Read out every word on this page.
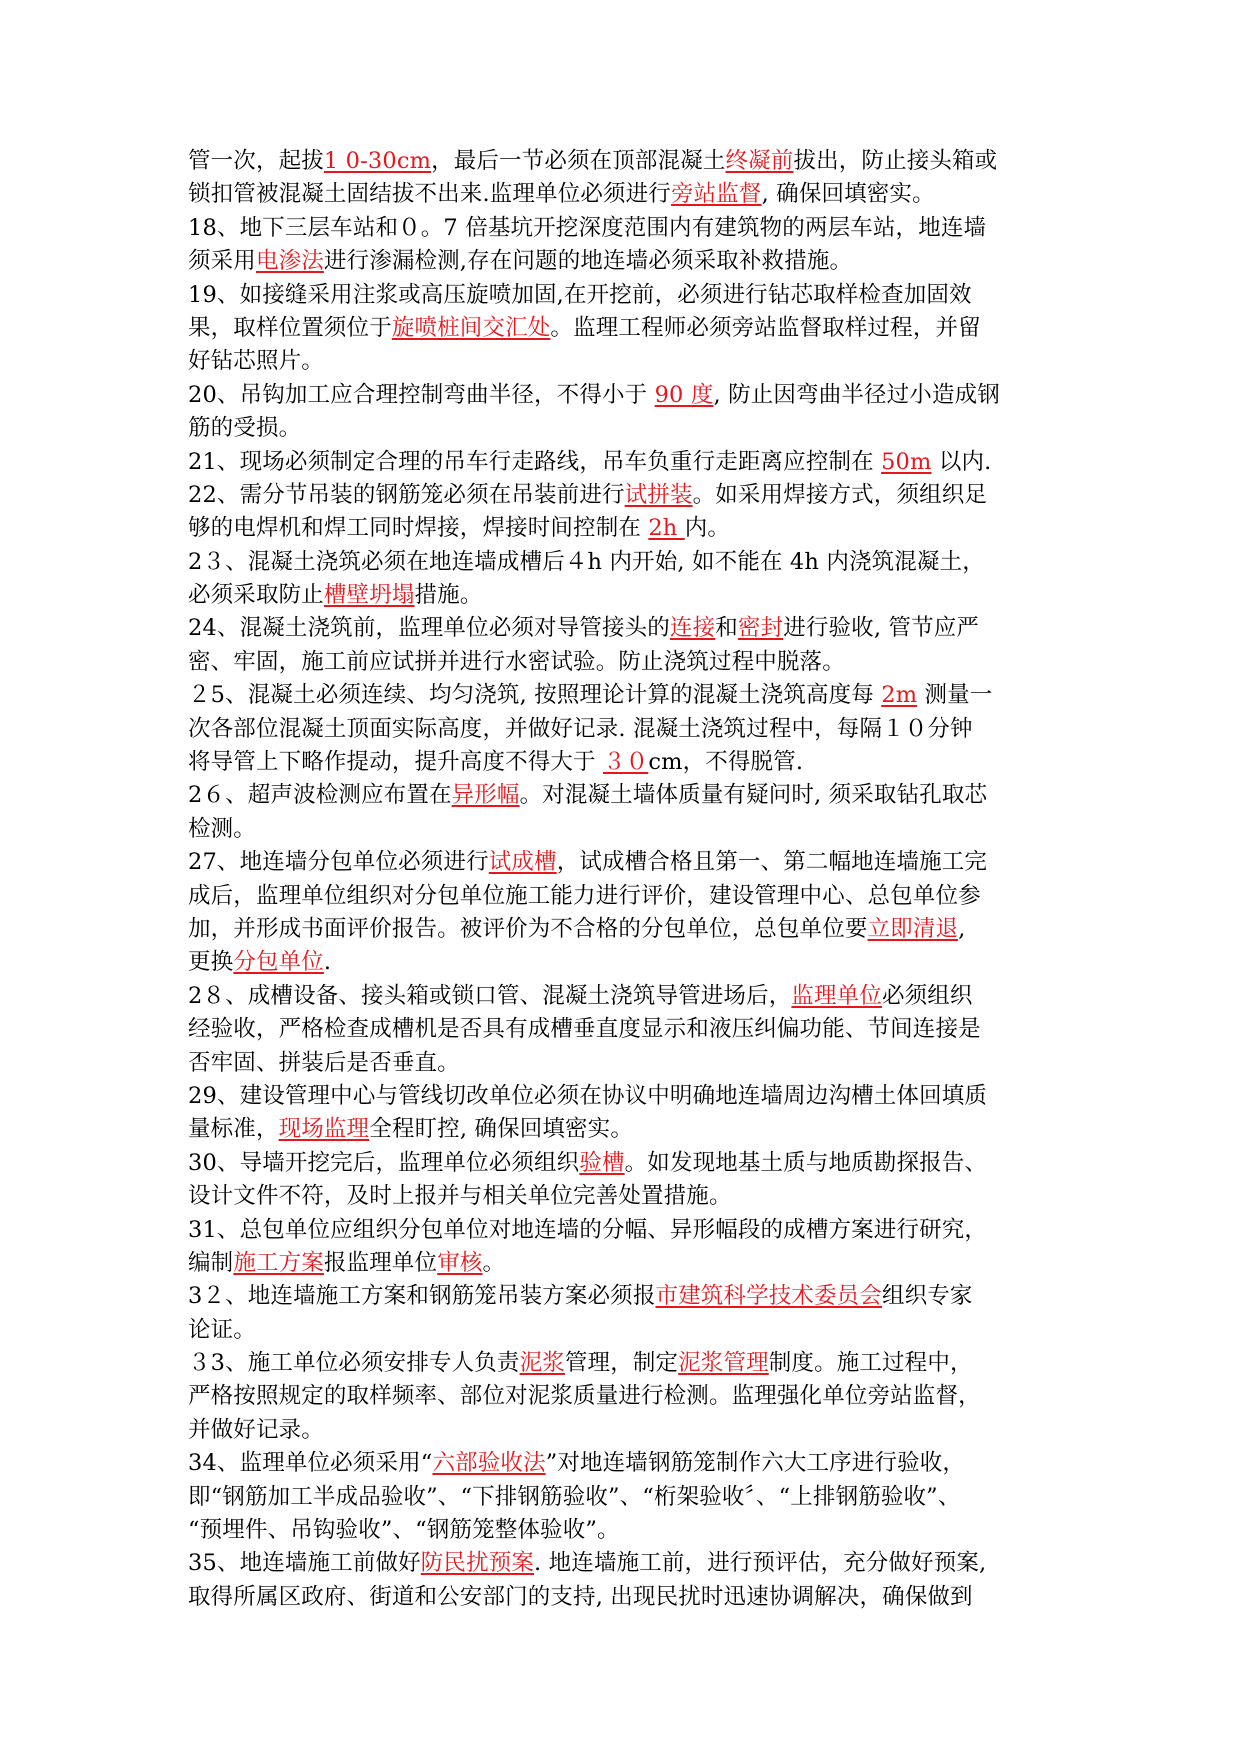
管一次，起拔1 0-30cm，最后一节必须在顶部混凝土终凝前拔出，防止接头箱或
锁扣管被混凝土固结拔不出来.监理单位必须进行旁站监督, 确保回填密实。
18、地下三层车站和０。7 倍基坑开挖深度范围内有建筑物的两层车站，地连墙
须采用电渗法进行渗漏检测,存在问题的地连墙必须采取补救措施。
19、如接缝采用注浆或高压旋喷加固,在开挖前，必须进行钻芯取样检查加固效
果，取样位置须位于旋喷桩间交汇处。监理工程师必须旁站监督取样过程，并留
好钻芯照片。
20、吊钩加工应合理控制弯曲半径，不得小于 90 度, 防止因弯曲半径过小造成钢
筋的受损。
21、现场必须制定合理的吊车行走路线，吊车负重行走距离应控制在 50m 以内.
22、需分节吊装的钢筋笼必须在吊装前进行试拼装。如采用焊接方式，须组织足
够的电焊机和焊工同时焊接，焊接时间控制在 2h 内。
2３、混凝土浇筑必须在地连墙成槽后４h 内开始, 如不能在 4h 内浇筑混凝土，
必须采取防止槽壁坍塌措施。
24、混凝土浇筑前，监理单位必须对导管接头的连接和密封进行验收, 管节应严
密、牢固，施工前应试拼并进行水密试验。防止浇筑过程中脱落。
２5、混凝土必须连续、均匀浇筑, 按照理论计算的混凝土浇筑高度每 2m 测量一
次各部位混凝土顶面实际高度，并做好记录. 混凝土浇筑过程中，每隔１０分钟
将导管上下略作提动，提升高度不得大于 ３０cm，不得脱管.
2６、超声波检测应布置在异形幅。对混凝土墙体质量有疑问时, 须采取钻孔取芯
检测。
27、地连墙分包单位必须进行试成槽，试成槽合格且第一、第二幅地连墙施工完
成后，监理单位组织对分包单位施工能力进行评价，建设管理中心、总包单位参
加，并形成书面评价报告。被评价为不合格的分包单位，总包单位要立即清退,
更换分包单位.
2８、成槽设备、接头箱或锁口管、混凝土浇筑导管进场后，监理单位必须组织
经验收，严格检查成槽机是否具有成槽垂直度显示和液压纠偏功能、节间连接是
否牢固、拼装后是否垂直。
29、建设管理中心与管线切改单位必须在协议中明确地连墙周边沟槽土体回填质
量标准，现场监理全程盯控, 确保回填密实。
30、导墙开挖完后，监理单位必须组织验槽。如发现地基土质与地质勘探报告、
设计文件不符，及时上报并与相关单位完善处置措施。
31、总包单位应组织分包单位对地连墙的分幅、异形幅段的成槽方案进行研究，
编制施工方案报监理单位审核。
3２、地连墙施工方案和钢筋笼吊装方案必须报市建筑科学技术委员会组织专家
论证。
３3、施工单位必须安排专人负责泥浆管理，制定泥浆管理制度。施工过程中，
严格按照规定的取样频率、部位对泥浆质量进行检测。监理强化单位旁站监督，
并做好记录。
34、监理单位必须采用“六部验收法”对地连墙钢筋笼制作六大工序进行验收，
即“钢筋加工半成品验收”、“下排钢筋验收”、“桁架验收〞、“上排钢筋验收”、
“预埋件、吊钩验收”、“钢筋笼整体验收”。
35、地连墙施工前做好防民扰预案. 地连墙施工前，进行预评估，充分做好预案,
取得所属区政府、街道和公安部门的支持, 出现民扰时迅速协调解决，确保做到
